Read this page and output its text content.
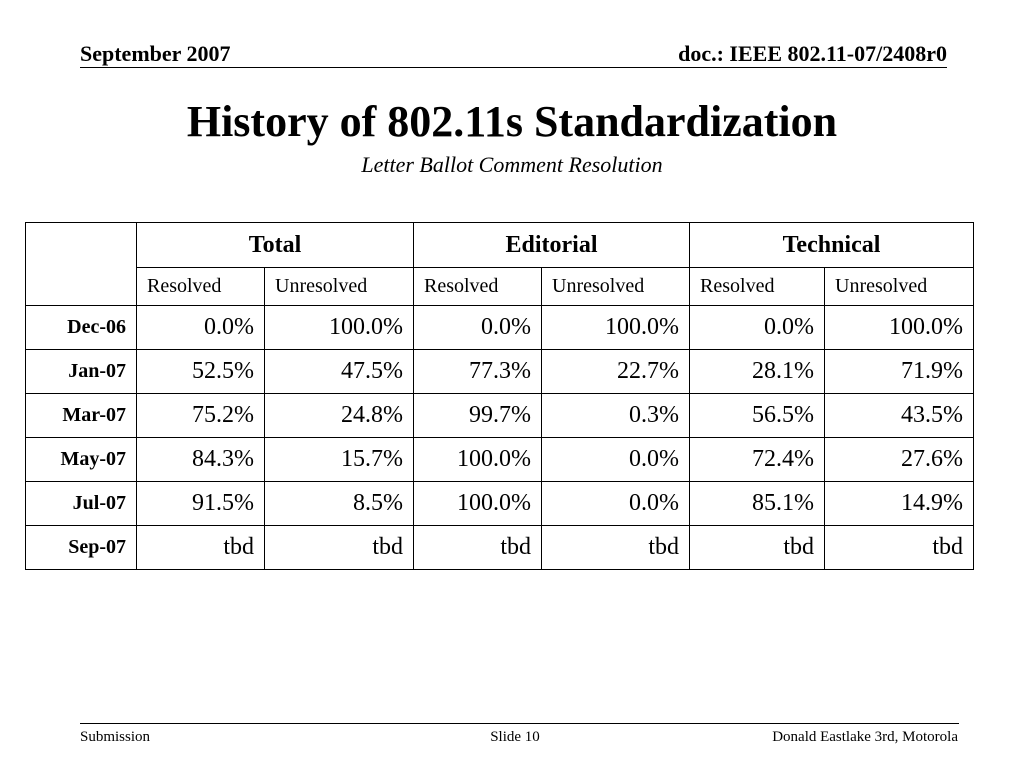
September 2007	doc.: IEEE 802.11-07/2408r0
History of 802.11s Standardization
Letter Ballot Comment Resolution
	Total		Editorial		Technical	
	Resolved	Unresolved	Resolved	Unresolved	Resolved	Unresolved
Dec-06	0.0%	100.0%	0.0%	100.0%	0.0%	100.0%
Jan-07	52.5%	47.5%	77.3%	22.7%	28.1%	71.9%
Mar-07	75.2%	24.8%	99.7%	0.3%	56.5%	43.5%
May-07	84.3%	15.7%	100.0%	0.0%	72.4%	27.6%
Jul-07	91.5%	8.5%	100.0%	0.0%	85.1%	14.9%
Sep-07	tbd	tbd	tbd	tbd	tbd	tbd
Submission	Slide 10	Donald Eastlake 3rd, Motorola
